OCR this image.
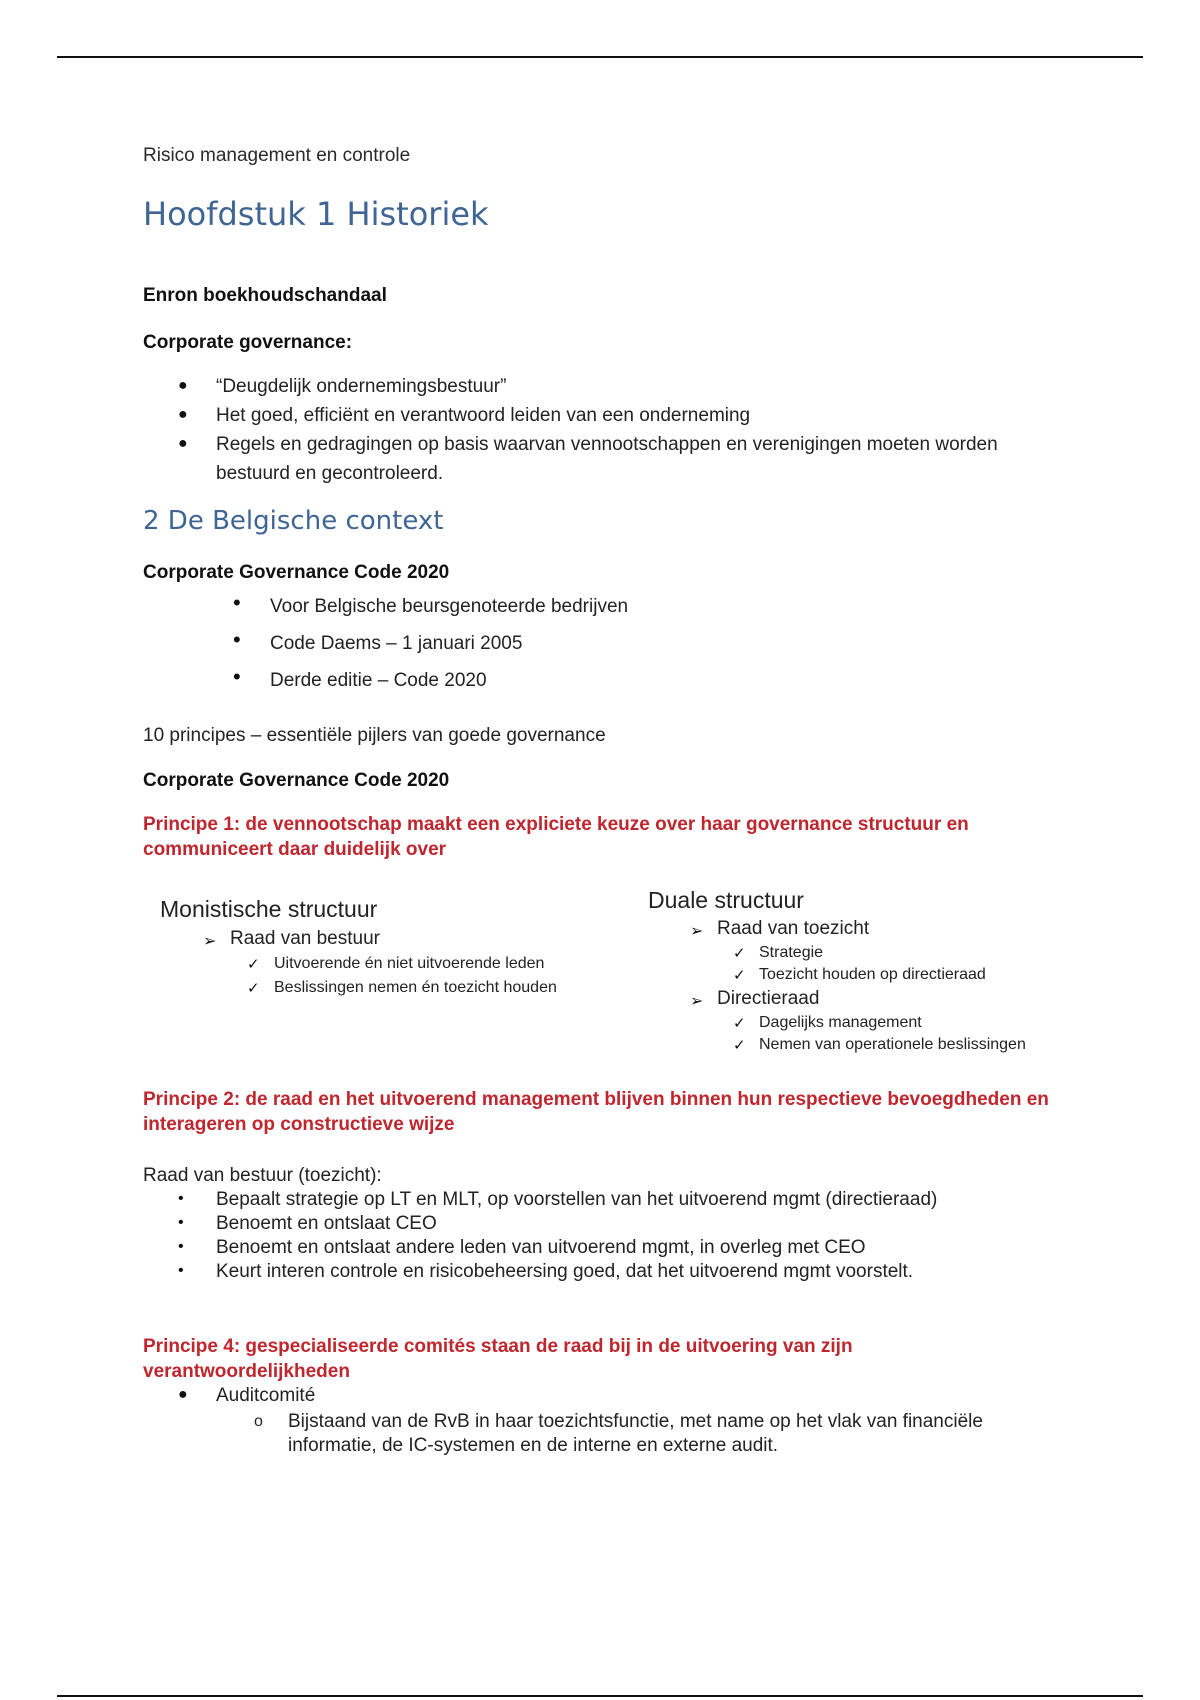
Risico management en controle
Hoofdstuk 1 Historiek
Enron boekhoudschandaal
Corporate governance:
● “Deugdelijk ondernemingsbestuur”
● Het goed, efficiënt en verantwoord leiden van een onderneming
● Regels en gedragingen op basis waarvan vennootschappen en verenigingen moeten worden
bestuurd en gecontroleerd.
2 De Belgische context
Corporate Governance Code 2020
• Voor Belgische beursgenoteerde bedrijven
• Code Daems – 1 januari 2005
• Derde editie – Code 2020
10 principes – essentiële pijlers van goede governance
Corporate Governance Code 2020
Principe 1: de vennootschap maakt een expliciete keuze over haar governance structuur en communiceert daar duidelijk over
Monistische structuur
➢ Raad van bestuur
✓ Uitvoerende én niet uitvoerende leden
✓ Beslissingen nemen én toezicht houden
Duale structuur
➢ Raad van toezicht
✓ Strategie
✓ Toezicht houden op directieraad
➢ Directieraad
✓ Dagelijks management
✓ Nemen van operationele beslissingen
Principe 2: de raad en het uitvoerend management blijven binnen hun respectieve bevoegdheden en interageren op constructieve wijze
Raad van bestuur (toezicht):
• Bepaalt strategie op LT en MLT, op voorstellen van het uitvoerend mgmt (directieraad)
• Benoemt en ontslaat CEO
• Benoemt en ontslaat andere leden van uitvoerend mgmt, in overleg met CEO
• Keurt interen controle en risicobeheersing goed, dat het uitvoerend mgmt voorstelt.
Principe 4: gespecialiseerde comités staan de raad bij in de uitvoering van zijn verantwoordelijkheden
● Auditcomité
o Bijstaand van de RvB in haar toezichtsfunctie, met name op het vlak van financiële
informatie, de IC-systemen en de interne en externe audit.
